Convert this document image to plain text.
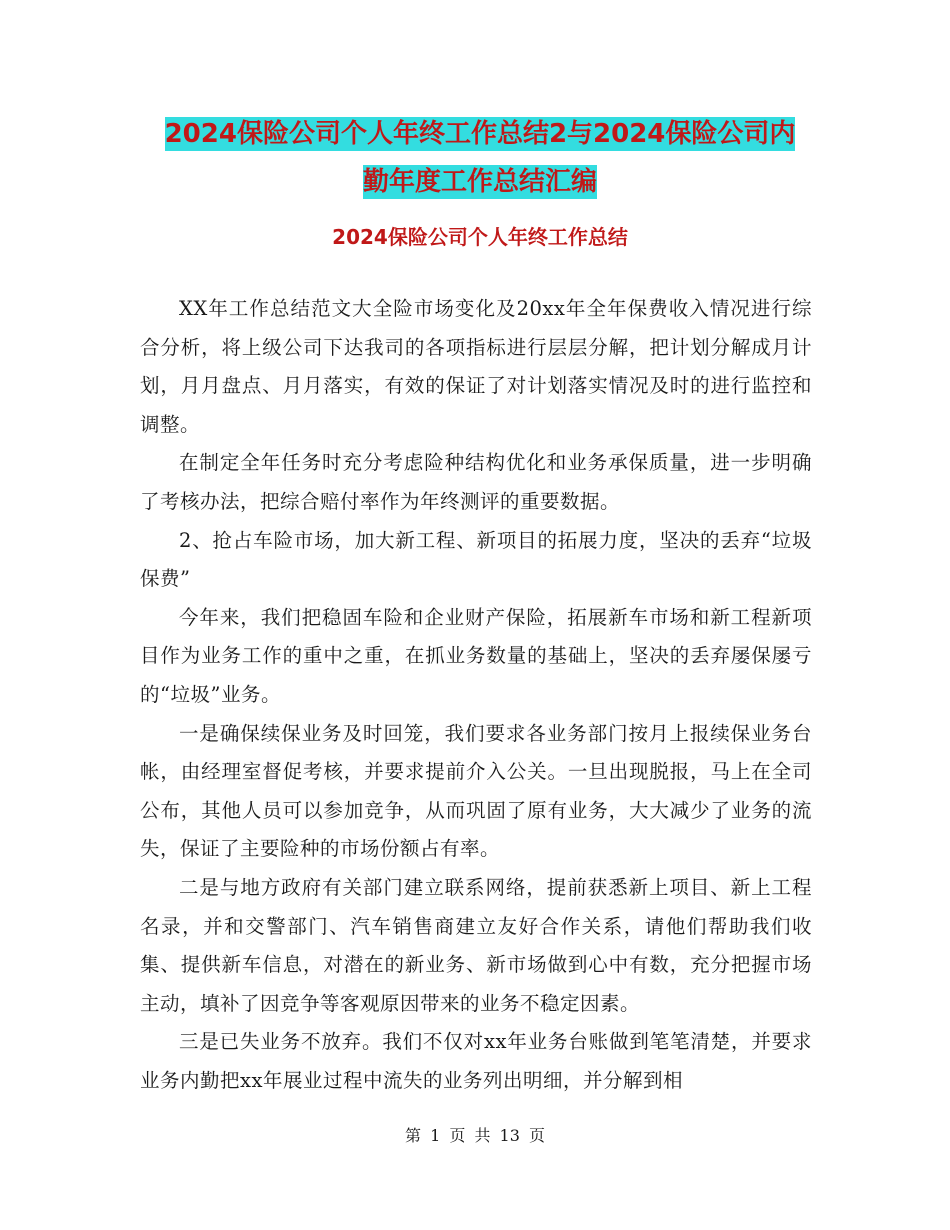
2024保险公司个人年终工作总结2与2024保险公司内
勤年度工作总结汇编
2024保险公司个人年终工作总结

XX年工作总结范文大全险市场变化及20xx年全年保费收入情况进行综合分析，将上级公司下达我司的各项指标进行层层分解，把计划分解成月计划，月月盘点、月月落实，有效的保证了对计划落实情况及时的进行监控和调整。

在制定全年任务时充分考虑险种结构优化和业务承保质量，进一步明确了考核办法，把综合赔付率作为年终测评的重要数据。

2、抢占车险市场，加大新工程、新项目的拓展力度，坚决的丢弃“垃圾保费”

今年来，我们把稳固车险和企业财产保险，拓展新车市场和新工程新项目作为业务工作的重中之重，在抓业务数量的基础上，坚决的丢弃屡保屡亏的“垃圾”业务。

一是确保续保业务及时回笼，我们要求各业务部门按月上报续保业务台帐，由经理室督促考核，并要求提前介入公关。一旦出现脱报，马上在全司公布，其他人员可以参加竞争，从而巩固了原有业务，大大减少了业务的流失，保证了主要险种的市场份额占有率。

二是与地方政府有关部门建立联系网络，提前获悉新上项目、新上工程名录，并和交警部门、汽车销售商建立友好合作关系，请他们帮助我们收集、提供新车信息，对潜在的新业务、新市场做到心中有数，充分把握市场主动，填补了因竞争等客观原因带来的业务不稳定因素。

三是已失业务不放弃。我们不仅对xx年业务台账做到笔笔清楚，并要求业务内勤把xx年展业过程中流失的业务列出明细，并分解到相

第 1 页 共 13 页
